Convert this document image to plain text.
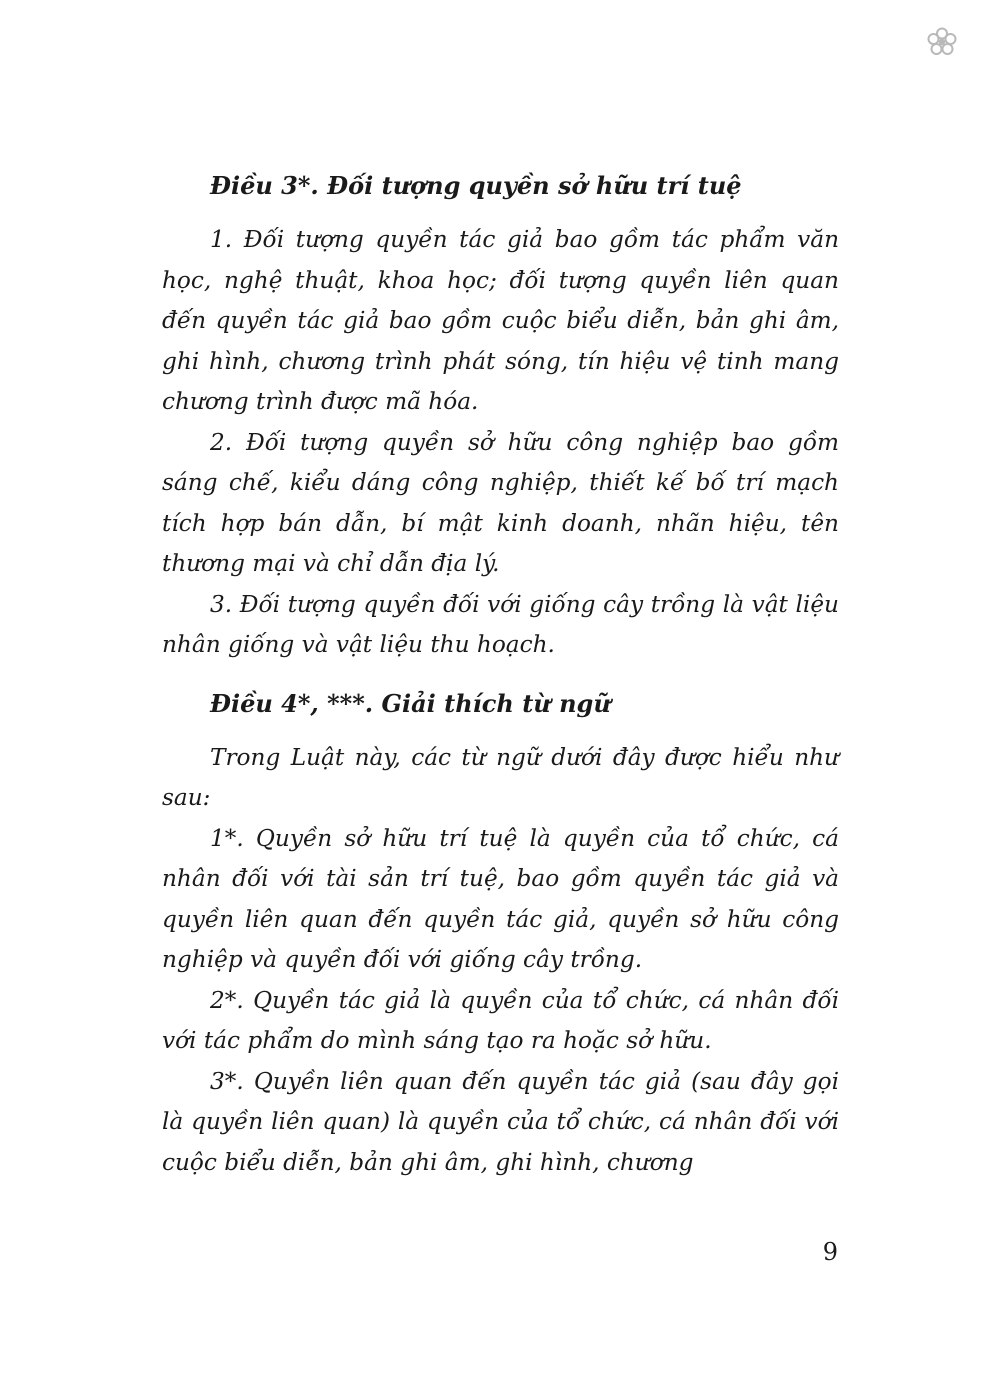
Điều 3*. Đối tượng quyền sở hữu trí tuệ

1. Đối tượng quyền tác giả bao gồm tác phẩm văn học, nghệ thuật, khoa học; đối tượng quyền liên quan đến quyền tác giả bao gồm cuộc biểu diễn, bản ghi âm, ghi hình, chương trình phát sóng, tín hiệu vệ tinh mang chương trình được mã hóa.

2. Đối tượng quyền sở hữu công nghiệp bao gồm sáng chế, kiểu dáng công nghiệp, thiết kế bố trí mạch tích hợp bán dẫn, bí mật kinh doanh, nhãn hiệu, tên thương mại và chỉ dẫn địa lý.

3. Đối tượng quyền đối với giống cây trồng là vật liệu nhân giống và vật liệu thu hoạch.

Điều 4*, ***. Giải thích từ ngữ

Trong Luật này, các từ ngữ dưới đây được hiểu như sau:

1*. Quyền sở hữu trí tuệ là quyền của tổ chức, cá nhân đối với tài sản trí tuệ, bao gồm quyền tác giả và quyền liên quan đến quyền tác giả, quyền sở hữu công nghiệp và quyền đối với giống cây trồng.

2*. Quyền tác giả là quyền của tổ chức, cá nhân đối với tác phẩm do mình sáng tạo ra hoặc sở hữu.

3*. Quyền liên quan đến quyền tác giả (sau đây gọi là quyền liên quan) là quyền của tổ chức, cá nhân đối với cuộc biểu diễn, bản ghi âm, ghi hình, chương

9
